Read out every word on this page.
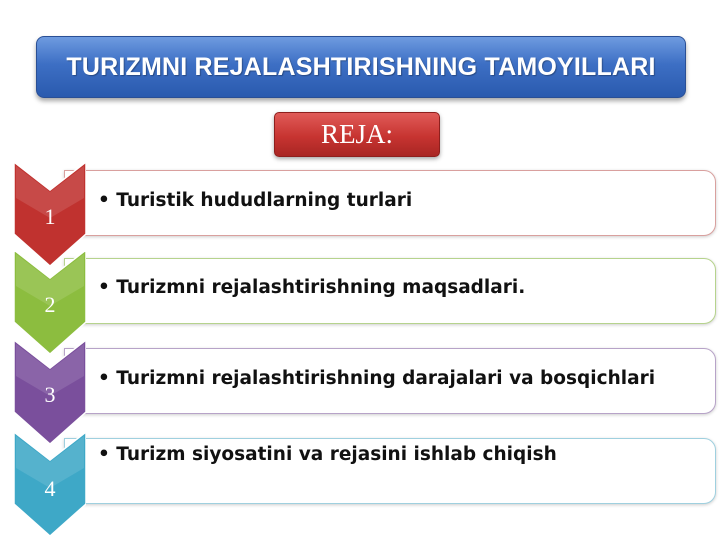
TURIZMNI REJALASHTIRISHNING TAMOYILLARI
REJA:
1
• Turistik hududlarning turlari
2
• Turizmni rejalashtirishning maqsadlari.
3
• Turizmni rejalashtirishning darajalari va bosqichlari
4
• Turizm siyosatini va rejasini ishlab chiqish
